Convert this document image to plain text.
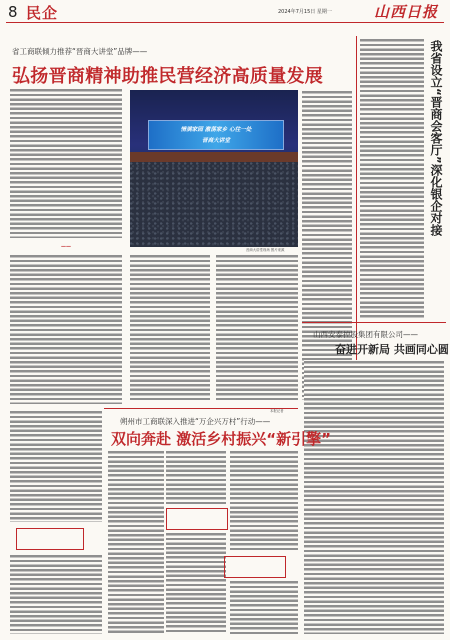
8 民企	2024年7月15日 星期一	山西日报
省工商联倾力推荐“晋商大讲堂”品牌——
弘扬晋商精神助推民营经济高质量发展
——
情满家园 激荡家乡 心往一处
晋商大讲堂
晋商大讲堂现场 图片来源
我省设立“晋商会客厅”深化银企对接
山西安泰控股集团有限公司——
奋进开新局 共画同心圆
朔州市工商联深入推进“万企兴万村”行动——
双向奔赴 激活乡村振兴“新引擎”
本报记者
